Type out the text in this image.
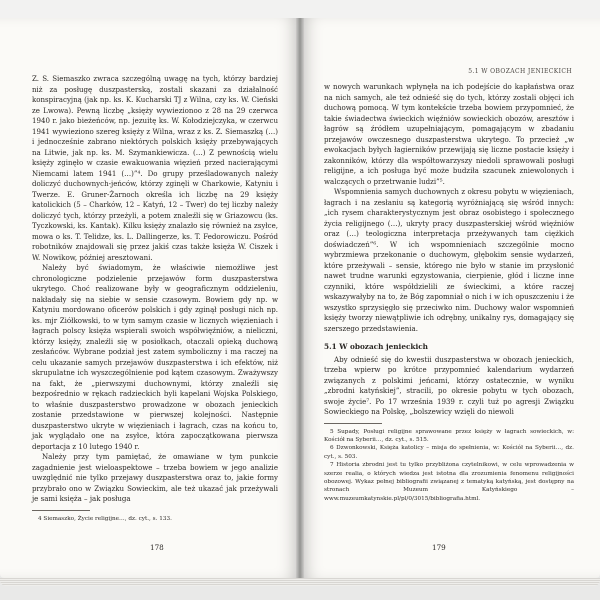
Z. S. Siemaszko zwraca szczególną uwagę na tych, którzy bardziej niż za posługę duszpasterską, zostali skazani za działalność konspiracyjną (jak np. ks. K. Kucharski TJ z Wilna, czy ks. W. Cieński ze Lwowa). Pewną liczbę „księży wywiezionoo z 28 na 29 czerwca 1940 r. jako bieżeńców, np. jezuitę ks. W. Kołodziejczyka, w czerwcu 1941 wywieziono szereg księży z Wilna, wraz z ks. Z. Siemaszką (…) i jednocześnie zabrano niektórych polskich księży przebywających na Litwie, jak np. ks. M. Szymankiewicza. (…) Z pewnością wielu księży zginęło w czasie ewakuowania więzień przed nacierającymi Niemcami latem 1941 (…)”⁴. Do grupy prześladowanych należy doliczyć duchownych-jeńców, którzy zginęli w Charkowie, Katyniu i Twerze. E. Gruner-Żarnoch określa ich liczbę na 29 księży katolickich (5 – Charków, 12 – Katyń, 12 – Twer) do tej liczby należy doliczyć tych, którzy przeżyli, a potem znaleźli się w Griazowcu (ks. Tyczkowski, ks. Kantak). Kilku księży znalazło się również na zsyłce, mowa o ks. T. Telidze, ks. L. Dallingerze, ks. T. Fedorowiczu. Pośród robotników znajdowali się przez jakiś czas także księża W. Ciszek i W. Nowikow, później aresztowani.

Należy być świadomym, że właściwie niemożliwe jest chronologiczne podzielenie przejawów form duszpasterstwa ukrytego. Choć realizowane były w geograficznym oddzieleniu, nakładały się na siebie w sensie czasowym. Bowiem gdy np. w Katyniu mordowano oficerów polskich i gdy zginął posługi nich np. ks. mjr Ziółkowski, to w tym samym czasie w licznych więzieniach i łagrach polscy księża wspierali swoich współwięźniów, a nieliczni, którzy księży, znaleźli się w posiołkach, otaczali opieką duchową zesłańców. Wybrane podział jest zatem symboliczny i ma raczej na celu ukazanie samych przejawów duszpasterstwa i ich efektów, niż skrupulatne ich wyszczególnienie pod kątem czasowym. Zważywszy na fakt, że „pierwszymi duchownymi, którzy znaleźli się bezpośrednio w rękach radzieckich byli kapelani Wojska Polskiego, to właśnie duszpasterstwo prowadzone w obozach jenieckich zostanie przedstawione w pierwszej kolejności. Następnie duszpasterstwo ukryte w więzieniach i łagrach, czas na końcu to, jak wyglądało one na zsyłce, która zapoczątkowana pierwsza deportacja z 10 lutego 1940 r.

Należy przy tym pamiętać, że omawiane w tym punkcie zagadnienie jest wieloaspektowe – trzeba bowiem w jego analizie uwzględnić nie tylko przejawy duszpasterstwa oraz to, jakie formy przybrało ono w Związku Sowieckim, ale też ukazać jak przeżywali je sami księża – jak posługa

4 Siemaszko, Życie religijne…, dz. cyt., s. 133.

178
5.1 W OBOZACH JENIECKICH

w nowych warunkach wpłynęła na ich podejście do kapłaństwa oraz na nich samych, ale też odnieść się do tych, którzy zostali objęci ich duchową pomocą. W tym kontekście trzeba bowiem przypomnieć, że takie świadectwa świeckich więźniów sowieckich obozów, aresztów i łagrów są źródłem uzupełniającym, pomagającym w zbadaniu przejawów owczesnego duszpasterstwa ukrytego. To przecież „w ewokacjach byłych łagierników przewijają się liczne postacie księży i zakonników, którzy dla współtowarzyszy niedoli sprawowali posługi religijne, a ich posługa być może budziła szacunek zniewolonych i walczących o przetrwanie ludzi”⁵.

Wspomnienia samych duchownych z okresu pobytu w więzieniach, łagrach i na zesłaniu są kategorią wyróżniającą się wśród innych: „ich rysem charakterystycznym jest obraz osobistego i społecznego życia religijnego (…), ukryty pracy duszpasterskiej wśród więźniów oraz (…) teologiczna interpretacja przeżywanych tam ciężkich doświadczeń”⁶. W ich wspomnieniach szczególnie mocno wybrzmiewa przekonanie o duchowym, głębokim sensie wydarzeń, które przeżywali – sensie, którego nie było w stanie im przysłonić nawet trudne warunki egzystowania, cierpienie, głód i liczne inne czynniki, które współdzielili ze świeckimi, a które raczej wskazywałyby na to, że Bóg zapomniał o nich i w ich opuszczeniu i że wszystko sprzysięgło się przeciwko nim. Duchowy walor wspomnień księży tworzy niewątpliwie ich odrębny, unikalny rys, domagający się szerszego przedstawienia.

5.1 W obozach jenieckich

Aby odnieść się do kwestii duszpasterstwa w obozach jenieckich, trzeba wpierw po krótce przypomnieć kalendarium wydarzeń związanych z polskimi jeńcami, którzy ostatecznie, w wyniku „zbrodni katyńskiej”, stracili, po okresie pobytu w tych obozach, swoje życie⁷. Po 17 września 1939 r. czyli tuż po agresji Związku Sowieckiego na Polskę, „bolszewicy wzięli do niewoli

5 Supady, Posługi religijne sprawowane przez księży w łagrach sowieckich, w: Kościół na Syberii…, dz. cyt., s. 515.

6 Dzwonkowski, Księża katolicy – misja do spełnienia, w: Kościół na Syberii…, dz. cyt., s. 503.

7 Historia zbrodni jest tu tylko przybliżona czytelnikowi, w celu wprowadzenia w szerze realia, o których wiedza jest istotna dla zrozumienia fenomenu religijności obozowej. Wykaz pełnej bibliografii związanej z tematyką katyńską, jest dostępny na stronach Muzeum Katyńskiego – www.muzeumkatynskie.pl/pl/0/3015/bibliografia.html.

179
